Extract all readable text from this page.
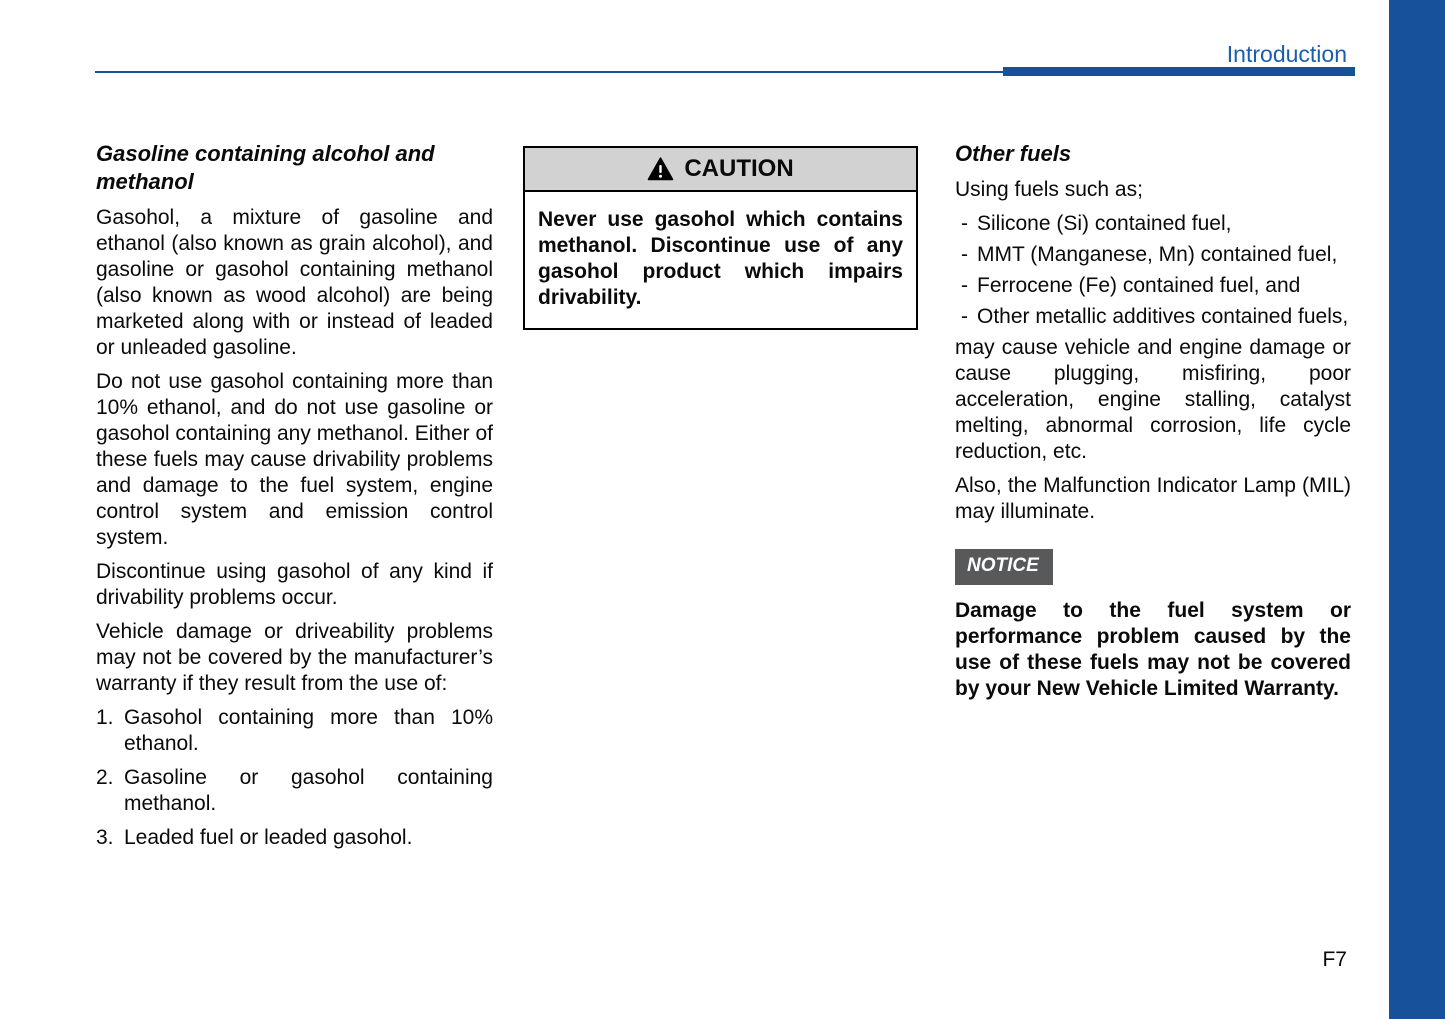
Introduction
Gasoline containing alcohol and methanol

Gasohol, a mixture of gasoline and ethanol (also known as grain alcohol), and gasoline or gasohol containing methanol (also known as wood alcohol) are being marketed along with or instead of leaded or unleaded gasoline.

Do not use gasohol containing more than 10% ethanol, and do not use gasoline or gasohol containing any methanol. Either of these fuels may cause drivability problems and damage to the fuel system, engine control system and emission control system.

Discontinue using gasohol of any kind if drivability problems occur.

Vehicle damage or driveability problems may not be covered by the manufacturer’s warranty if they result from the use of:

1. Gasohol containing more than 10% ethanol.
2. Gasoline or gasohol containing methanol.
3. Leaded fuel or leaded gasohol.
CAUTION
Never use gasohol which contains methanol. Discontinue use of any gasohol product which impairs drivability.
Other fuels

Using fuels such as;

- Silicone (Si) contained fuel,
- MMT (Manganese, Mn) contained fuel,
- Ferrocene (Fe) contained fuel, and
- Other metallic additives contained fuels,

may cause vehicle and engine damage or cause plugging, misfiring, poor acceleration, engine stalling, catalyst melting, abnormal corrosion, life cycle reduction, etc.

Also, the Malfunction Indicator Lamp (MIL) may illuminate.

NOTICE

Damage to the fuel system or performance problem caused by the use of these fuels may not be covered by your New Vehicle Limited Warranty.

F7
